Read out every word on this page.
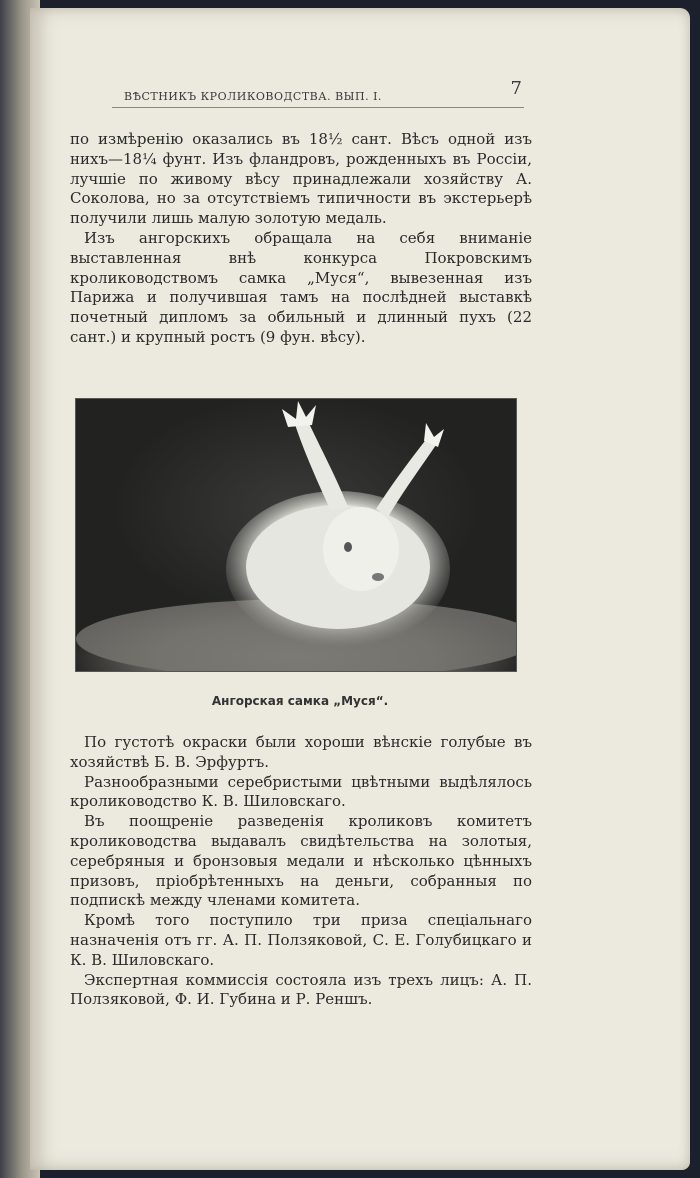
ВѢСТНИКЪ КРОЛИКОВОДСТВА. ВЫП. I.	7

по измѣренію оказались въ 18½ сант. Вѣсъ одной изъ нихъ—18¼ фунт. Изъ фландровъ, рожденныхъ въ Россіи, лучшіе по живому вѣсу принадлежали хозяйству А. Соколова, но за отсутствіемъ типичности въ экстерьерѣ получили лишь малую золотую медаль.

Изъ ангорскихъ обращала на себя вниманіе выставленная внѣ конкурса Покровскимъ кролиководствомъ самка „Муся“, вывезенная изъ Парижа и получившая тамъ на послѣдней выставкѣ почетный дипломъ за обильный и длинный пухъ (22 сант.) и крупный ростъ (9 фун. вѣсу).

Ангорская самка „Муся“.

По густотѣ окраски были хороши вѣнскіе голубые въ хозяйствѣ Б. В. Эрфуртъ.

Разнообразными серебристыми цвѣтными выдѣлялось кролиководство К. В. Шиловскаго.

Въ поощреніе разведенія кроликовъ комитетъ кролиководства выдавалъ свидѣтельства на золотыя, серебряныя и бронзовыя медали и нѣсколько цѣнныхъ призовъ, пріобрѣтенныхъ на деньги, собранныя по подпискѣ между членами комитета.

Кромѣ того поступило три приза спеціальнаго назначенія отъ гг. А. П. Ползяковой, С. Е. Голубицкаго и К. В. Шиловскаго.

Экспертная коммиссія состояла изъ трехъ лицъ: А. П. Ползяковой, Ф. И. Губина и Р. Реншъ.
